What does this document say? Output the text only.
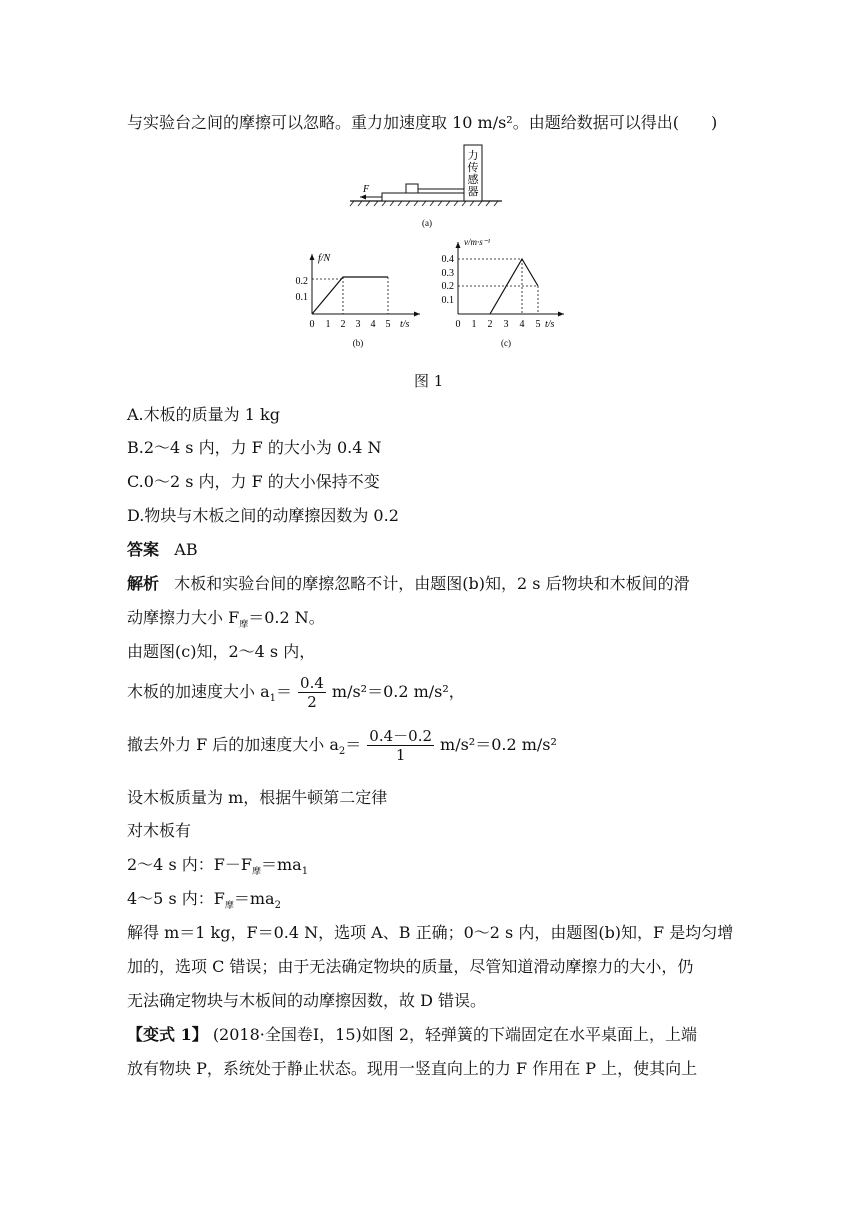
与实验台之间的摩擦可以忽略。重力加速度取 10 m/s²。由题给数据可以得出(　　)
F
力
传
感
器
(a)
f/N
t/s
0.2
0.1
0 1 2 3 4 5
(b)
v/m·s⁻¹
t/s
0.4
0.3
0.2
0.1
0 1 2 3 4 5
(c)
图 1
A.木板的质量为 1 kg
B.2～4 s 内，力 F 的大小为 0.4 N
C.0～2 s 内，力 F 的大小保持不变
D.物块与木板之间的动摩擦因数为 0.2
答案 AB
解析 木板和实验台间的摩擦忽略不计，由题图(b)知，2 s 后物块和木板间的滑
动摩擦力大小 $F_摩=0.2$ N。
由题图(c)知，2～4 s 内，
木板的加速度大小 $a_1= \frac{0.4}{2} m/s^2=0.2$ m/s²，
撤去外力 F 后的加速度大小 $a_2= \frac{0.4-0.2}{1} m/s^2=0.2$ m/s²
设木板质量为 m，根据牛顿第二定律
对木板有
2～4 s 内：$F-F_摩=ma_1$
4～5 s 内：$F_摩=ma_2$
解得 m＝1 kg，F＝0.4 N，选项 A、B 正确；0～2 s 内，由题图(b)知，F 是均匀增
加的，选项 C 错误；由于无法确定物块的质量，尽管知道滑动摩擦力的大小，仍
无法确定物块与木板间的动摩擦因数，故 D 错误。
【变式 1】 (2018·全国卷Ⅰ，15)如图 2，轻弹簧的下端固定在水平桌面上，上端
放有物块 P，系统处于静止状态。现用一竖直向上的力 F 作用在 P 上，使其向上
